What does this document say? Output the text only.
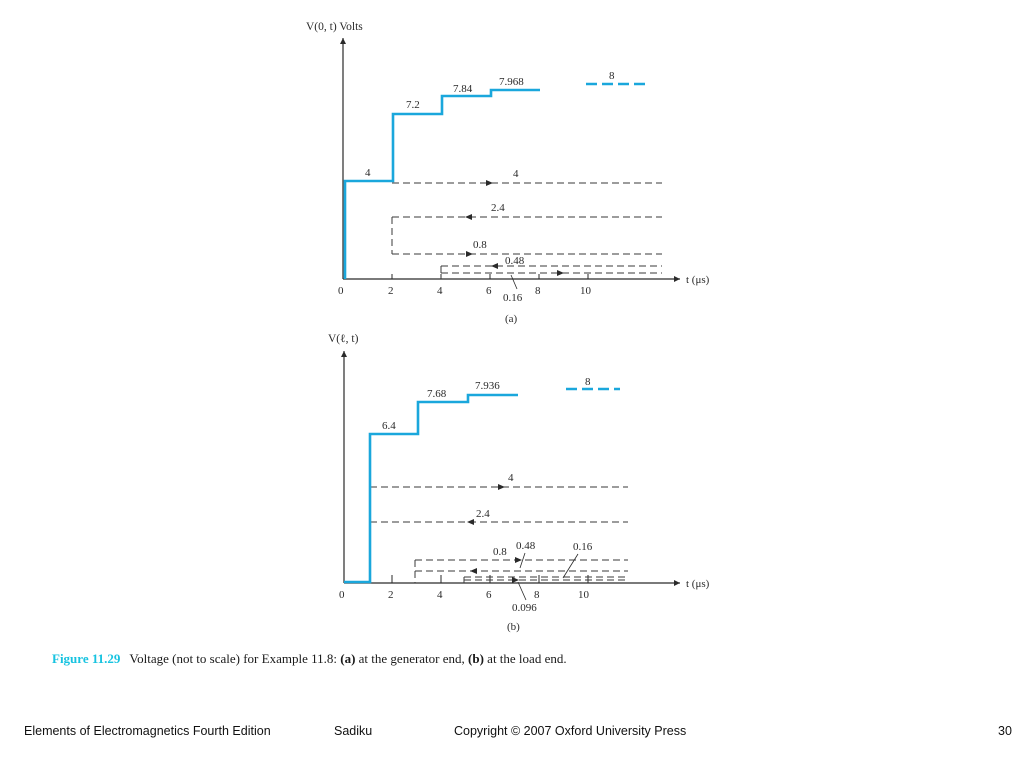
V(0, t) Volts
t (μs)
0	2	4	6	8	10
4
2.4
0.8
0.48
0.16
4
7.2
7.84
7.968	8
(a)
V(ℓ, t)
t (μs)
0	2	4	6	8	10
4
2.4
0.8 0.48	0.16
0.096
6.4
7.68
7.936	8
(b)
Figure 11.29 Voltage (not to scale) for Example 11.8: (a) at the generator end, (b) at the load end.
Elements of Electromagnetics Fourth Edition	Sadiku	Copyright © 2007 Oxford University Press	30
